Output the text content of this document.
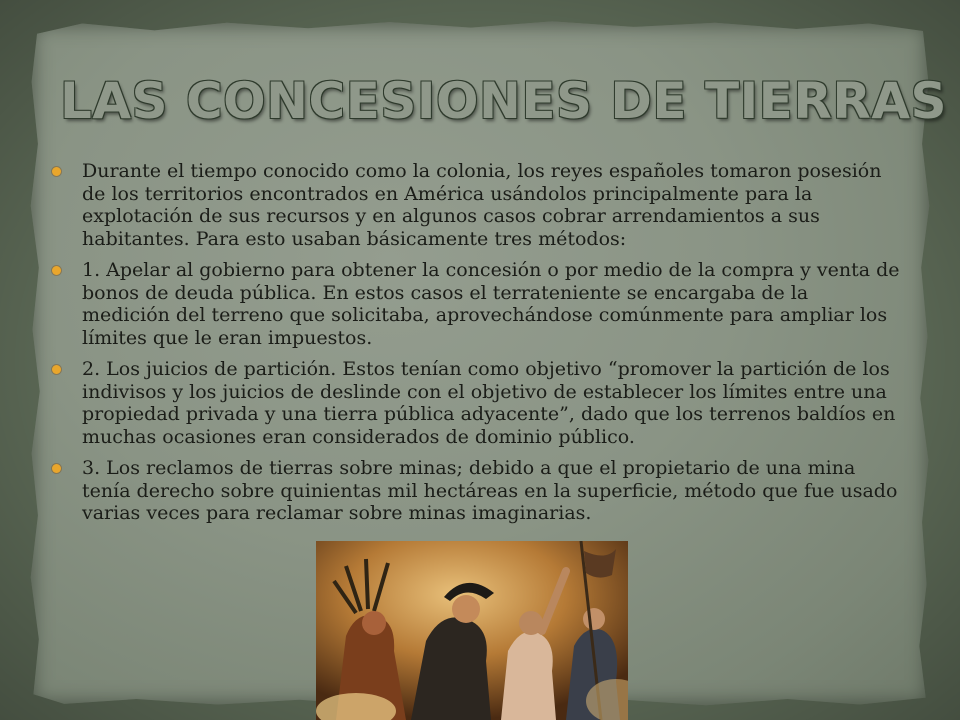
LAS CONCESIONES DE TIERRAS

Durante el tiempo conocido como la colonia, los reyes españoles tomaron posesión de los territorios encontrados en América usándolos principalmente para la explotación de sus recursos y en algunos casos cobrar arrendamientos a sus habitantes. Para esto usaban básicamente tres métodos:

1. Apelar al gobierno para obtener la concesión o por medio de la compra y venta de bonos de deuda pública. En estos casos el terrateniente se encargaba de la medición del terreno que solicitaba, aprovechándose comúnmente para ampliar los límites que le eran impuestos.

2. Los juicios de partición. Estos tenían como objetivo “promover la partición de los indivisos y los juicios de deslinde con el objetivo de establecer los límites entre una propiedad privada y una tierra pública adyacente”, dado que los terrenos baldíos en muchas ocasiones eran considerados de dominio público.

3. Los reclamos de tierras sobre minas; debido a que el propietario de una mina tenía derecho sobre quinientas mil hectáreas en la superficie, método que fue usado varias veces para reclamar sobre minas imaginarias.
